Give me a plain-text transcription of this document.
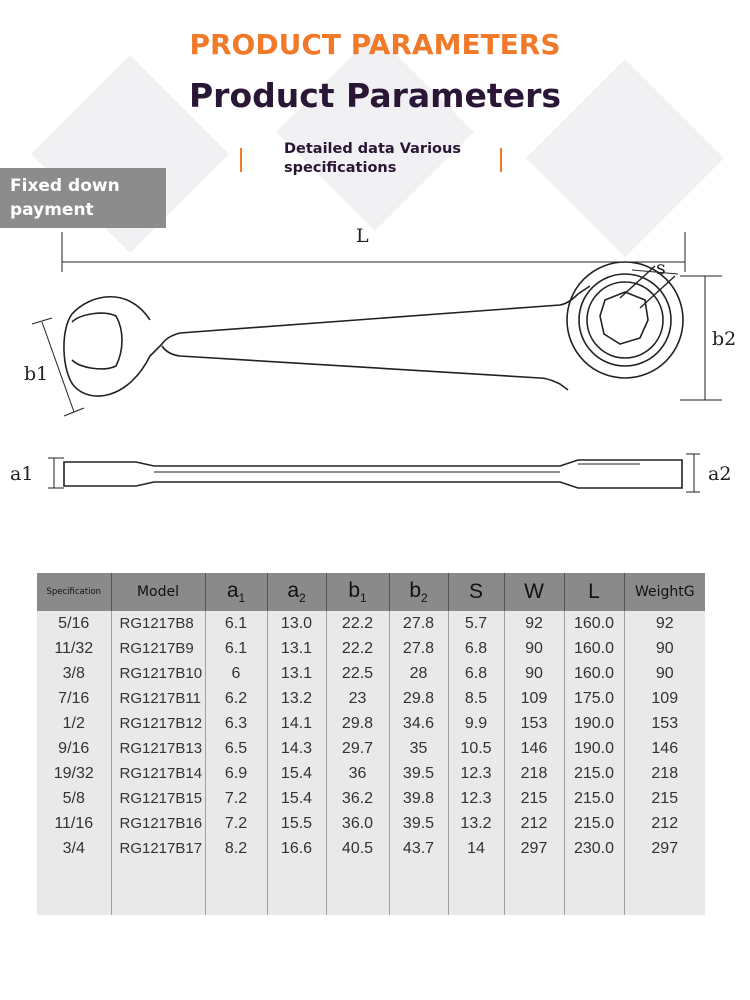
PRODUCT PARAMETERS
Product Parameters
Detailed data Various specifications
Fixed down payment
L
s
b1
b2
a1	a2
Specification	Model	$a_1$	$a_2$	$b_1$	$b_2$	S	W	L	WeightG
5/16	RG1217B8	6.1	13.0	22.2	27.8	5.7	92	160.0	92
11/32	RG1217B9	6.1	13.1	22.2	27.8	6.8	90	160.0	90
3/8	RG1217B10	6	13.1	22.5	28	6.8	90	160.0	90
7/16	RG1217B11	6.2	13.2	23	29.8	8.5	109	175.0	109
1/2	RG1217B12	6.3	14.1	29.8	34.6	9.9	153	190.0	153
9/16	RG1217B13	6.5	14.3	29.7	35	10.5	146	190.0	146
19/32	RG1217B14	6.9	15.4	36	39.5	12.3	218	215.0	218
5/8	RG1217B15	7.2	15.4	36.2	39.8	12.3	215	215.0	215
11/16	RG1217B16	7.2	15.5	36.0	39.5	13.2	212	215.0	212
3/4	RG1217B17	8.2	16.6	40.5	43.7	14	297	230.0	297
